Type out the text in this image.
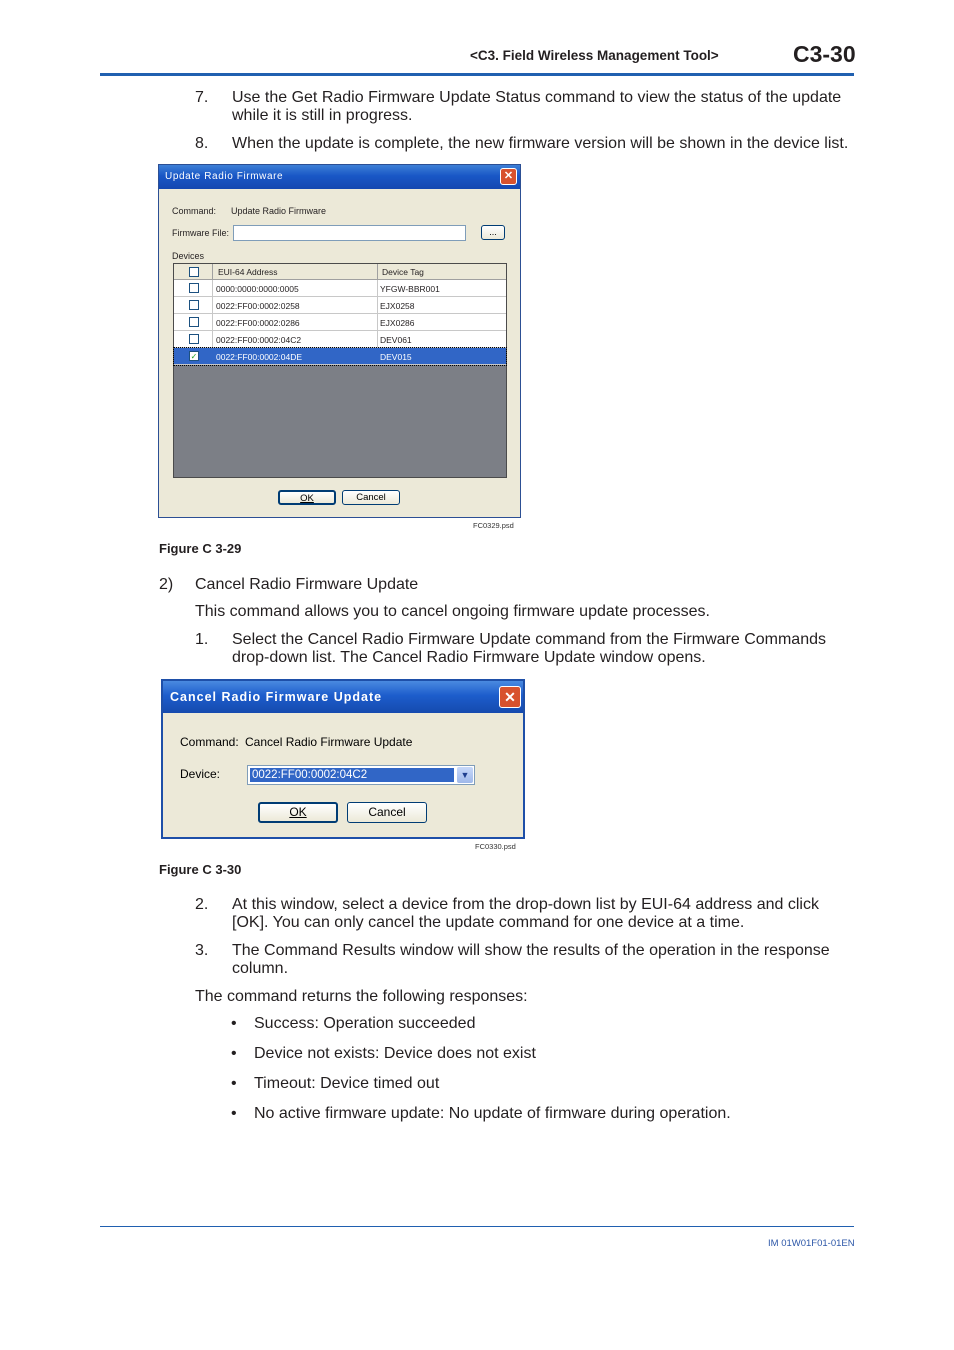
<C3. Field Wireless Management Tool>	C3-30
7. Use the Get Radio Firmware Update Status command to view the status of the update while it is still in progress.
8. When the update is complete, the new firmware version will be shown in the device list.
Update Radio Firmware	✕
Command: Update Radio Firmware
Firmware File:	...
Devices
EUI-64 Address	Device Tag
0000:0000:0000:0005	YFGW-BBR001
0022:FF00:0002:0258	EJX0258
0022:FF00:0002:0286	EJX0286
0022:FF00:0002:04C2	DEV061
✓ 0022:FF00:0002:04DE	DEV015
OK	Cancel
FC0329.psd
Figure C 3-29
2) Cancel Radio Firmware Update
This command allows you to cancel ongoing firmware update processes.
1. Select the Cancel Radio Firmware Update command from the Firmware Commands drop-down list. The Cancel Radio Firmware Update window opens.
Cancel Radio Firmware Update	✕
Command: Cancel Radio Firmware Update
Device:	0022:FF00:0002:04C2	▼
OK	Cancel
FC0330.psd
Figure C 3-30
2. At this window, select a device from the drop-down list by EUI-64 address and click [OK]. You can only cancel the update command for one device at a time.
3. The Command Results window will show the results of the operation in the response column.
The command returns the following responses:
• Success: Operation succeeded
• Device not exists: Device does not exist
• Timeout: Device timed out
• No active firmware update: No update of firmware during operation.
IM 01W01F01-01EN
